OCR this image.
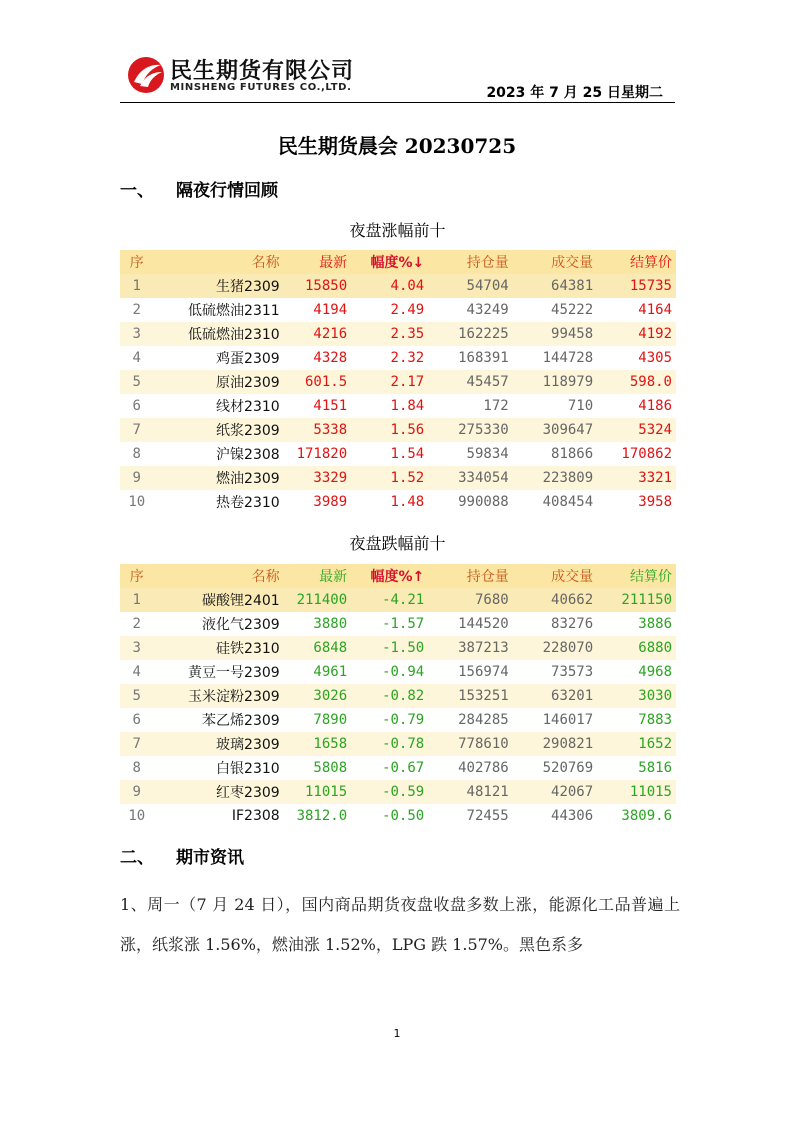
民生期货有限公司
MINSHENG FUTURES CO.,LTD.	2023 年 7 月 25 日星期二
民生期货晨会 20230725
一、 隔夜行情回顾
夜盘涨幅前十
序	名称	最新	幅度%↓	持仓量	成交量	结算价
1	生猪2309	15850	4.04	54704	64381	15735
2	低硫燃油2311	4194	2.49	43249	45222	4164
3	低硫燃油2310	4216	2.35	162225	99458	4192
4	鸡蛋2309	4328	2.32	168391	144728	4305
5	原油2309	601.5	2.17	45457	118979	598.0
6	线材2310	4151	1.84	172	710	4186
7	纸浆2309	5338	1.56	275330	309647	5324
8	沪镍2308	171820	1.54	59834	81866	170862
9	燃油2309	3329	1.52	334054	223809	3321
10	热卷2310	3989	1.48	990088	408454	3958
夜盘跌幅前十
序	名称	最新	幅度%↑	持仓量	成交量	结算价
1	碳酸锂2401	211400	-4.21	7680	40662	211150
2	液化气2309	3880	-1.57	144520	83276	3886
3	硅铁2310	6848	-1.50	387213	228070	6880
4	黄豆一号2309	4961	-0.94	156974	73573	4968
5	玉米淀粉2309	3026	-0.82	153251	63201	3030
6	苯乙烯2309	7890	-0.79	284285	146017	7883
7	玻璃2309	1658	-0.78	778610	290821	1652
8	白银2310	5808	-0.67	402786	520769	5816
9	红枣2309	11015	-0.59	48121	42067	11015
10	IF2308	3812.0	-0.50	72455	44306	3809.6
二、 期市资讯
1、周一（7 月 24 日），国内商品期货夜盘收盘多数上涨，能源化工品普遍上涨，纸浆涨 1.56%，燃油涨 1.52%，LPG 跌 1.57%。黑色系多
1
